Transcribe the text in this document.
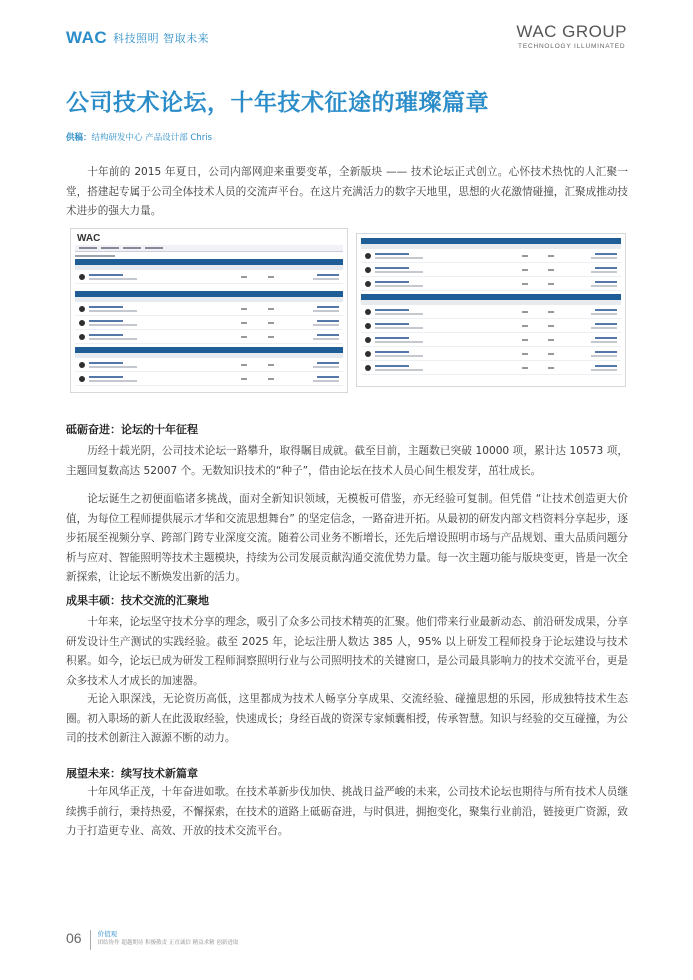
WAC 科技照明 智取未来	WAC GROUP
TECHNOLOGY ILLUMINATED
公司技术论坛，十年技术征途的璀璨篇章
供稿：结构研发中心 产品设计部 Chris

十年前的 2015 年夏日，公司内部网迎来重要变革，全新版块 —— 技术论坛正式创立。心怀技术热忱的人汇聚一堂，搭建起专属于公司全体技术人员的交流声平台。在这片充满活力的数字天地里，思想的火花激情碰撞，汇聚成推动技术进步的强大力量。

WAC
砥砺奋进：论坛的十年征程

历经十载光阴，公司技术论坛一路攀升，取得瞩目成就。截至目前，主题数已突破 10000 项，累计达 10573 项，主题回复数高达 52007 个。无数知识技术的“种子”，借由论坛在技术人员心间生根发芽，茁壮成长。

论坛诞生之初便面临诸多挑战，面对全新知识领域，无模板可借鉴，亦无经验可复制。但凭借 “让技术创造更大价值，为每位工程师提供展示才华和交流思想舞台” 的坚定信念，一路奋进开拓。从最初的研发内部文档资料分享起步，逐步拓展至视频分享、跨部门跨专业深度交流。随着公司业务不断增长，还先后增设照明市场与产品规划、重大品质问题分析与应对、智能照明等技术主题模块，持续为公司发展贡献沟通交流优势力量。每一次主题功能与版块变更，皆是一次全新探索，让论坛不断焕发出新的活力。

成果丰硕：技术交流的汇聚地

十年来，论坛坚守技术分享的理念，吸引了众多公司技术精英的汇聚。他们带来行业最新动态、前沿研发成果，分享研发设计生产测试的实践经验。截至 2025 年，论坛注册人数达 385 人，95% 以上研发工程师投身于论坛建设与技术积累。如今，论坛已成为研发工程师洞察照明行业与公司照明技术的关键窗口，是公司最具影响力的技术交流平台，更是众多技术人才成长的加速器。

无论入职深浅，无论资历高低，这里都成为技术人畅享分享成果、交流经验、碰撞思想的乐园，形成独特技术生态圈。初入职场的新人在此汲取经验，快速成长；身经百战的资深专家倾囊相授，传承智慧。知识与经验的交互碰撞，为公司的技术创新注入源源不断的动力。

展望未来：续写技术新篇章

十年风华正茂，十年奋进如歌。在技术革新步伐加快、挑战日益严峻的未来，公司技术论坛也期待与所有技术人员继续携手前行，秉持热爱，不懈探索，在技术的道路上砥砺奋进，与时俱进，拥抱变化，聚集行业前沿，链接更广资源，致力于打造更专业、高效、开放的技术交流平台。

06 价值观
团结协作 超越期待 积极敬责 正直诚信 精益求精 创新进取
